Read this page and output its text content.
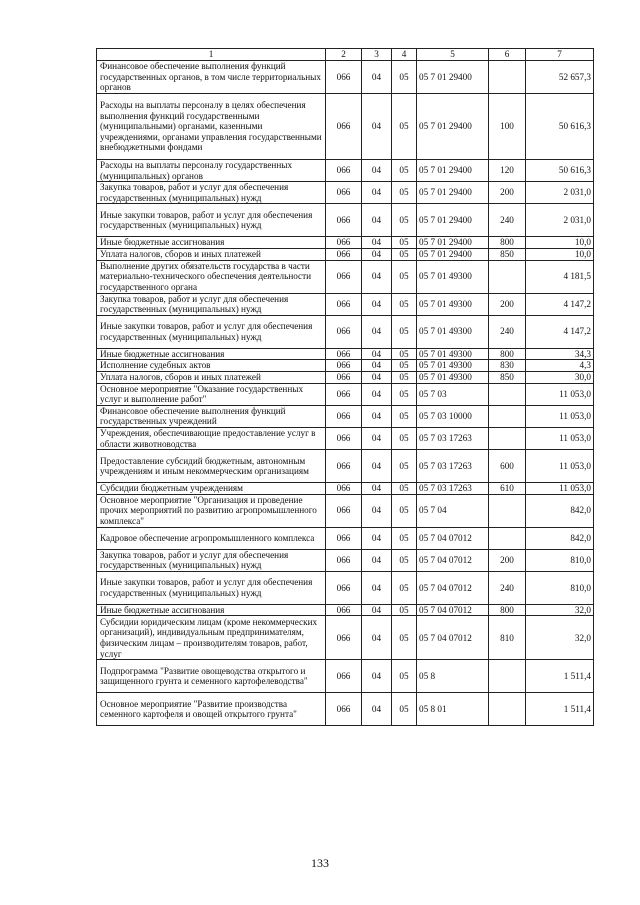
1	2	3	4	5	6	7
Финансовое обеспечение выполнения функций государственных органов, в том числе территориальных органов	066	04	05	05 7 01 29400		52 657,3
Расходы на выплаты персоналу в целях обеспечения выполнения функций государственными (муниципальными) органами, казенными учреждениями, органами управления государственными внебюджетными фондами	066	04	05	05 7 01 29400	100	50 616,3
Расходы на выплаты персоналу государственных (муниципальных) органов	066	04	05	05 7 01 29400	120	50 616,3
Закупка товаров, работ и услуг для обеспечения государственных (муниципальных) нужд	066	04	05	05 7 01 29400	200	2 031,0
Иные закупки товаров, работ и услуг для обеспечения государственных (муниципальных) нужд	066	04	05	05 7 01 29400	240	2 031,0
Иные бюджетные ассигнования	066	04	05	05 7 01 29400	800	10,0
Уплата налогов, сборов и иных платежей	066	04	05	05 7 01 29400	850	10,0
Выполнение других обязательств государства в части материально-технического обеспечения деятельности государственного органа	066	04	05	05 7 01 49300		4 181,5
Закупка товаров, работ и услуг для обеспечения государственных (муниципальных) нужд	066	04	05	05 7 01 49300	200	4 147,2
Иные закупки товаров, работ и услуг для обеспечения государственных (муниципальных) нужд	066	04	05	05 7 01 49300	240	4 147,2
Иные бюджетные ассигнования	066	04	05	05 7 01 49300	800	34,3
Исполнение судебных актов	066	04	05	05 7 01 49300	830	4,3
Уплата налогов, сборов и иных платежей	066	04	05	05 7 01 49300	850	30,0
Основное мероприятие "Оказание государственных услуг и выполнение работ"	066	04	05	05 7 03		11 053,0
Финансовое обеспечение выполнения функций государственных учреждений	066	04	05	05 7 03 10000		11 053,0
Учреждения, обеспечивающие предоставление услуг в области животноводства	066	04	05	05 7 03 17263		11 053,0
Предоставление субсидий бюджетным, автономным учреждениям и иным некоммерческим организациям	066	04	05	05 7 03 17263	600	11 053,0
Субсидии бюджетным учреждениям	066	04	05	05 7 03 17263	610	11 053,0
Основное мероприятие "Организация и проведение прочих мероприятий по развитию агропромышленного комплекса"	066	04	05	05 7 04		842,0
Кадровое обеспечение агропромышленного комплекса	066	04	05	05 7 04 07012		842,0
Закупка товаров, работ и услуг для обеспечения государственных (муниципальных) нужд	066	04	05	05 7 04 07012	200	810,0
Иные закупки товаров, работ и услуг для обеспечения государственных (муниципальных) нужд	066	04	05	05 7 04 07012	240	810,0
Иные бюджетные ассигнования	066	04	05	05 7 04 07012	800	32,0
Субсидии юридическим лицам (кроме некоммерческих организаций), индивидуальным предпринимателям, физическим лицам – производителям товаров, работ, услуг	066	04	05	05 7 04 07012	810	32,0
Подпрограмма "Развитие овощеводства открытого и защищенного грунта и семенного картофелеводства"	066	04	05	05 8		1 511,4
Основное мероприятие "Развитие производства семенного картофеля и овощей открытого грунта"	066	04	05	05 8 01		1 511,4
133
